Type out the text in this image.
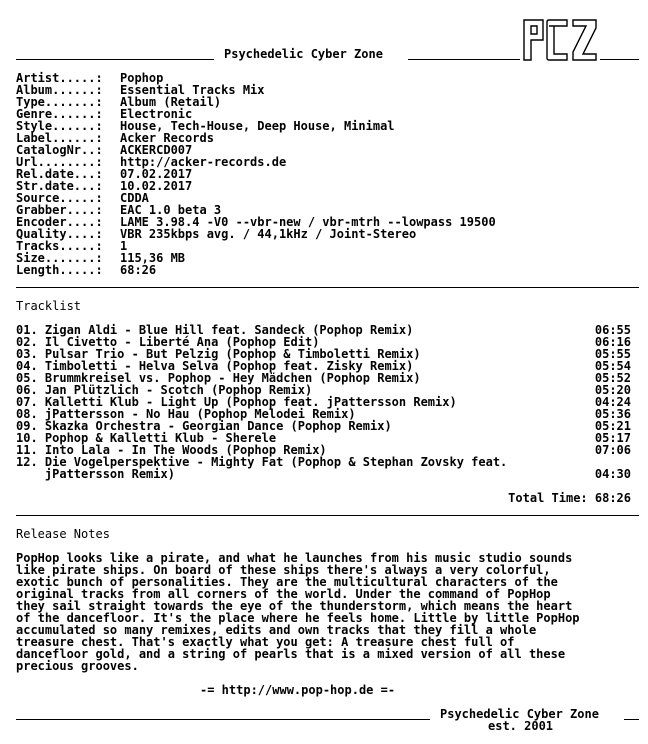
Psychedelic Cyber Zone
Artist.....: Pophop
Album......: Essential Tracks Mix
Type.......: Album (Retail)
Genre......: Electronic
Style......: House, Tech-House, Deep House, Minimal
Label......: Acker Records
CatalogNr..: ACKERCD007
Url........: http://acker-records.de
Rel.date...: 07.02.2017
Str.date...: 10.02.2017
Source.....: CDDA
Grabber....: EAC 1.0 beta 3
Encoder....: LAME 3.98.4 -V0 --vbr-new / vbr-mtrh --lowpass 19500
Quality....: VBR 235kbps avg. / 44,1kHz / Joint-Stereo
Tracks.....: 1
Size.......: 115,36 MB
Length.....: 68:26
Tracklist
01. Zigan Aldi - Blue Hill feat. Sandeck (Pophop Remix)	06:55
02. Il Civetto - Liberté Ana (Pophop Edit)	06:16
03. Pulsar Trio - But Pelzig (Pophop & Timboletti Remix)	05:55
04. Timboletti - Helva Selva (Pophop feat. Zisky Remix)	05:54
05. Brummkreisel vs. Pophop - Hey Mädchen (Pophop Remix)	05:52
06. Jan Plützlich - Scotch (Pophop Remix)	05:20
07. Kalletti Klub - Light Up (Pophop feat. jPattersson Remix)	04:24
08. jPattersson - No Hau (Pophop Melodei Remix)	05:36
09. Skazka Orchestra - Georgian Dance (Pophop Remix)	05:21
10. Pophop & Kalletti Klub - Sherele	05:17
11. Into Lala - In The Woods (Pophop Remix)	07:06
12. Die Vogelperspektive - Mighty Fat (Pophop & Stephan Zovsky feat.
jPattersson Remix)	04:30
Total Time: 68:26
Release Notes
PopHop looks like a pirate, and what he launches from his music studio sounds
like pirate ships. On board of these ships there's always a very colorful,
exotic bunch of personalities. They are the multicultural characters of the
original tracks from all corners of the world. Under the command of PopHop
they sail straight towards the eye of the thunderstorm, which means the heart
of the dancefloor. It's the place where he feels home. Little by little PopHop
accumulated so many remixes, edits and own tracks that they fill a whole
treasure chest. That's exactly what you get: A treasure chest full of
dancefloor gold, and a string of pearls that is a mixed version of all these
precious grooves.
-= http://www.pop-hop.de =-
Psychedelic Cyber Zone
est. 2001
